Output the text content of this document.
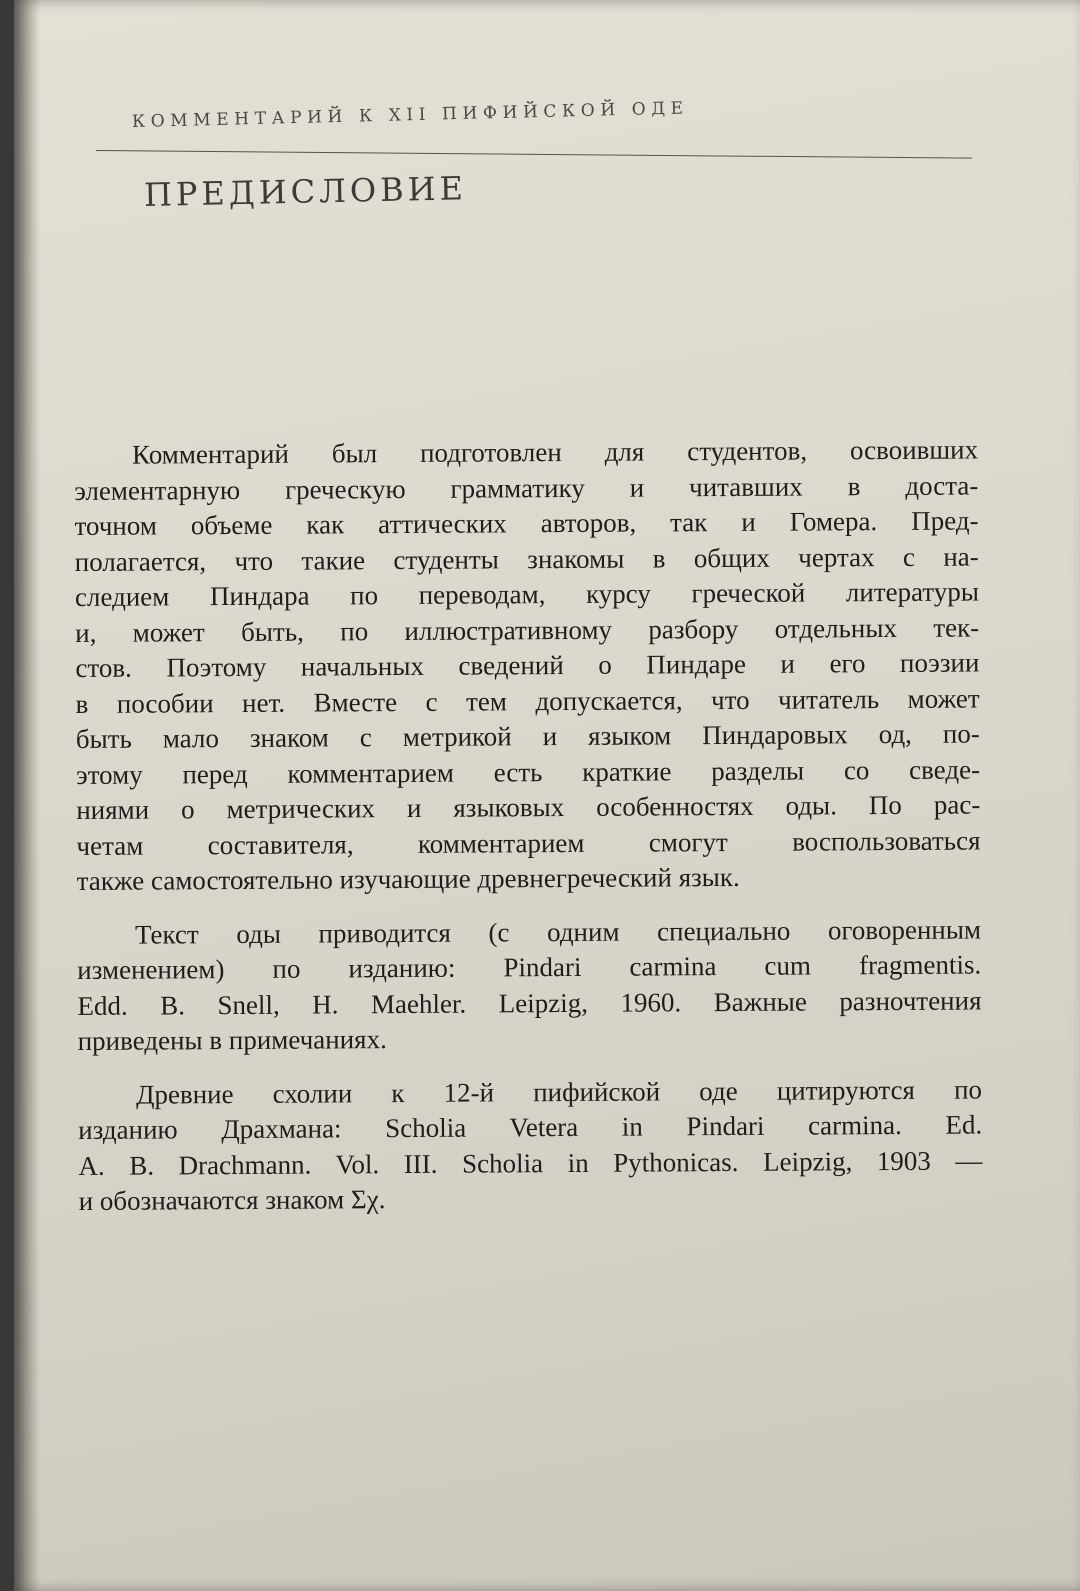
КОММЕНТАРИЙ К XII ПИФИЙСКОЙ ОДЕ
ПРЕДИСЛОВИЕ
Комментарий был подготовлен для студентов, освоивших
элементарную греческую грамматику и читавших в доста-
точном объеме как аттических авторов, так и Гомера. Пред-
полагается, что такие студенты знакомы в общих чертах с на-
следием Пиндара по переводам, курсу греческой литературы
и, может быть, по иллюстративному разбору отдельных тек-
стов. Поэтому начальных сведений о Пиндаре и его поэзии
в пособии нет. Вместе с тем допускается, что читатель может
быть мало знаком с метрикой и языком Пиндаровых од, по-
этому перед комментарием есть краткие разделы со сведе-
ниями о метрических и языковых особенностях оды. По рас-
четам составителя, комментарием смогут воспользоваться
также самостоятельно изучающие древнегреческий язык.
Текст оды приводится (с одним специально оговоренным
изменением) по изданию: Pindari carmina cum fragmentis.
Edd. B. Snell, H. Maehler. Leipzig, 1960. Важные разночтения
приведены в примечаниях.
Древние схолии к 12-й пифийской оде цитируются по
изданию Драхмана: Scholia Vetera in Pindari carmina. Ed.
A. B. Drachmann. Vol. III. Scholia in Pythonicas. Leipzig, 1903 —
и обозначаются знаком Σχ.
